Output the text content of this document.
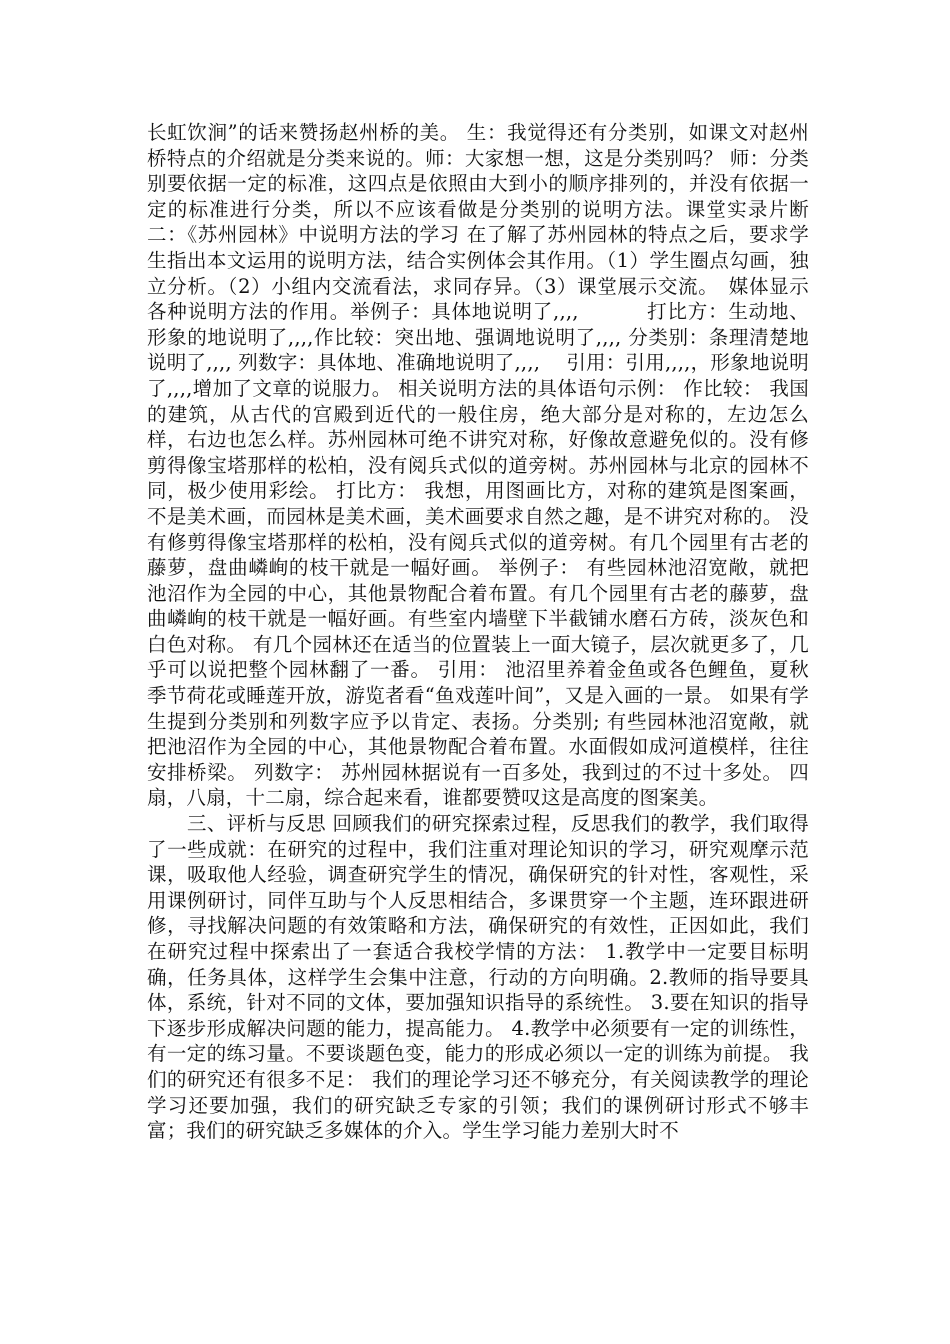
长虹饮涧”的话来赞扬赵州桥的美。 生：我觉得还有分类别，如课文对赵州桥特点的介绍就是分类来说的。师：大家想一想，这是分类别吗？ 师：分类别要依据一定的标准，这四点是依照由大到小的顺序排列的，并没有依据一定的标准进行分类，所以不应该看做是分类别的说明方法。课堂实录片断二：《苏州园林》中说明方法的学习 在了解了苏州园林的特点之后，要求学生指出本文运用的说明方法，结合实例体会其作用。（1）学生圈点勾画，独立分析。（2）小组内交流看法，求同存异。（3）课堂展示交流。　媒体显示各种说明方法的作用。举例子：具体地说明了,,,,　　　 打比方：生动地、形象的地说明了,,,,作比较：突出地、强调地说明了,,,, 分类别：条理清楚地说明了,,,, 列数字：具体地、准确地说明了,,,,　 引用：引用,,,,，形象地说明了,,,,增加了文章的说服力。 相关说明方法的具体语句示例： 作比较： 我国的建筑，从古代的宫殿到近代的一般住房，绝大部分是对称的，左边怎么样，右边也怎么样。苏州园林可绝不讲究对称，好像故意避免似的。没有修剪得像宝塔那样的松柏，没有阅兵式似的道旁树。苏州园林与北京的园林不同，极少使用彩绘。 打比方： 我想，用图画比方，对称的建筑是图案画，不是美术画，而园林是美术画，美术画要求自然之趣，是不讲究对称的。 没有修剪得像宝塔那样的松柏，没有阅兵式似的道旁树。有几个园里有古老的藤萝，盘曲嶙峋的枝干就是一幅好画。 举例子： 有些园林池沼宽敞，就把池沼作为全园的中心，其他景物配合着布置。有几个园里有古老的藤萝，盘曲嶙峋的枝干就是一幅好画。有些室内墙壁下半截铺水磨石方砖，淡灰色和白色对称。 有几个园林还在适当的位置装上一面大镜子，层次就更多了，几乎可以说把整个园林翻了一番。 引用： 池沼里养着金鱼或各色鲤鱼，夏秋季节荷花或睡莲开放，游览者看“鱼戏莲叶间”，又是入画的一景。 如果有学生提到分类别和列数字应予以肯定、表扬。分类别; 有些园林池沼宽敞，就把池沼作为全园的中心，其他景物配合着布置。水面假如成河道模样，往往安排桥梁。 列数字： 苏州园林据说有一百多处，我到过的不过十多处。 四扇，八扇，十二扇，综合起来看，谁都要赞叹这是高度的图案美。

三、评析与反思 回顾我们的研究探索过程，反思我们的教学，我们取得了一些成就：在研究的过程中，我们注重对理论知识的学习，研究观摩示范课，吸取他人经验，调查研究学生的情况，确保研究的针对性，客观性，采用课例研讨，同伴互助与个人反思相结合，多课贯穿一个主题，连环跟进研修，寻找解决问题的有效策略和方法，确保研究的有效性，正因如此，我们在研究过程中探索出了一套适合我校学情的方法： 1.教学中一定要目标明确，任务具体，这样学生会集中注意，行动的方向明确。2.教师的指导要具体，系统，针对不同的文体，要加强知识指导的系统性。 3.要在知识的指导下逐步形成解决问题的能力，提高能力。 4.教学中必须要有一定的训练性，有一定的练习量。不要谈题色变，能力的形成必须以一定的训练为前提。 我们的研究还有很多不足： 我们的理论学习还不够充分，有关阅读教学的理论学习还要加强，我们的研究缺乏专家的引领；我们的课例研讨形式不够丰富；我们的研究缺乏多媒体的介入。学生学习能力差别大时不
